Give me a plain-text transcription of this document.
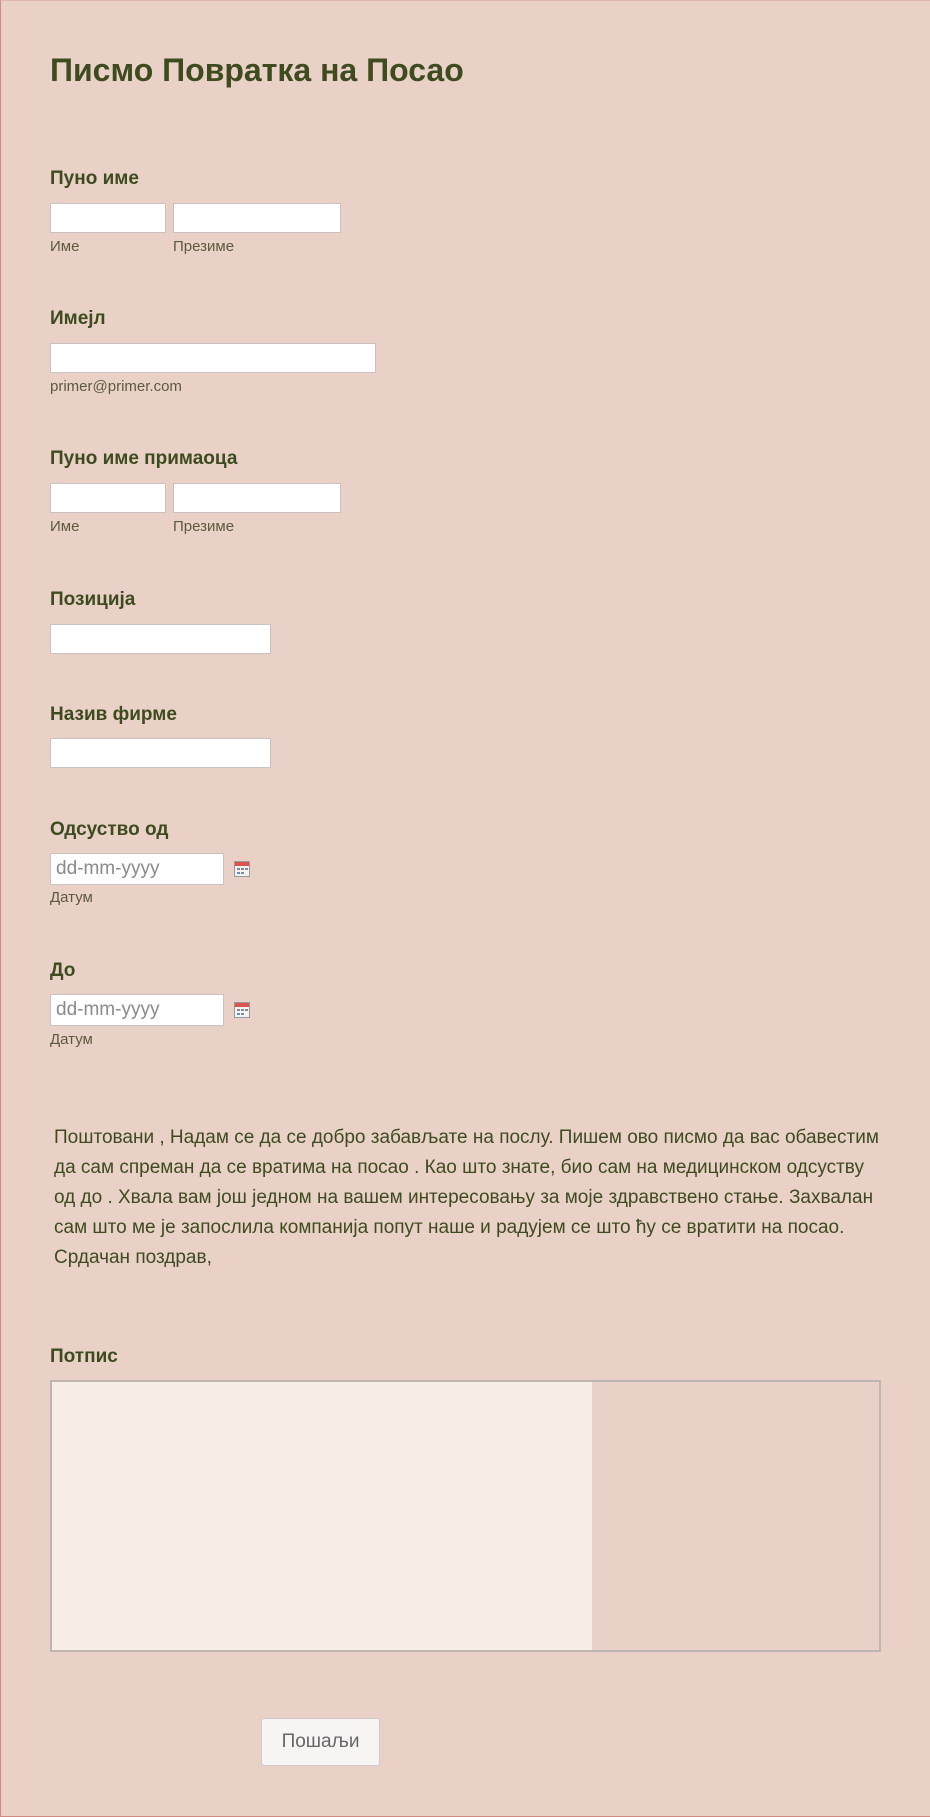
Писмо Повратка на Посао
Пуно име
Име	Презиме
Имејл
primer@primer.com
Пуно име примаоца
Име	Презиме
Позиција
Назив фирме
Одсуство од
dd-mm-yyyy
Датум
До
dd-mm-yyyy
Датум

Поштовани , Надам се да се добро забављате на послу. Пишем ово писмо да вас обавестим да сам спреман да се вратима на посао . Као што знате, био сам на медицинском одсуству од до . Хвала вам још једном на вашем интересовању за моје здравствено стање. Захвалан сам што ме је запослила компанија попут наше и радујем се што ћу се вратити на посао. Срдачан поздрав,

Потпис
Пошаљи
